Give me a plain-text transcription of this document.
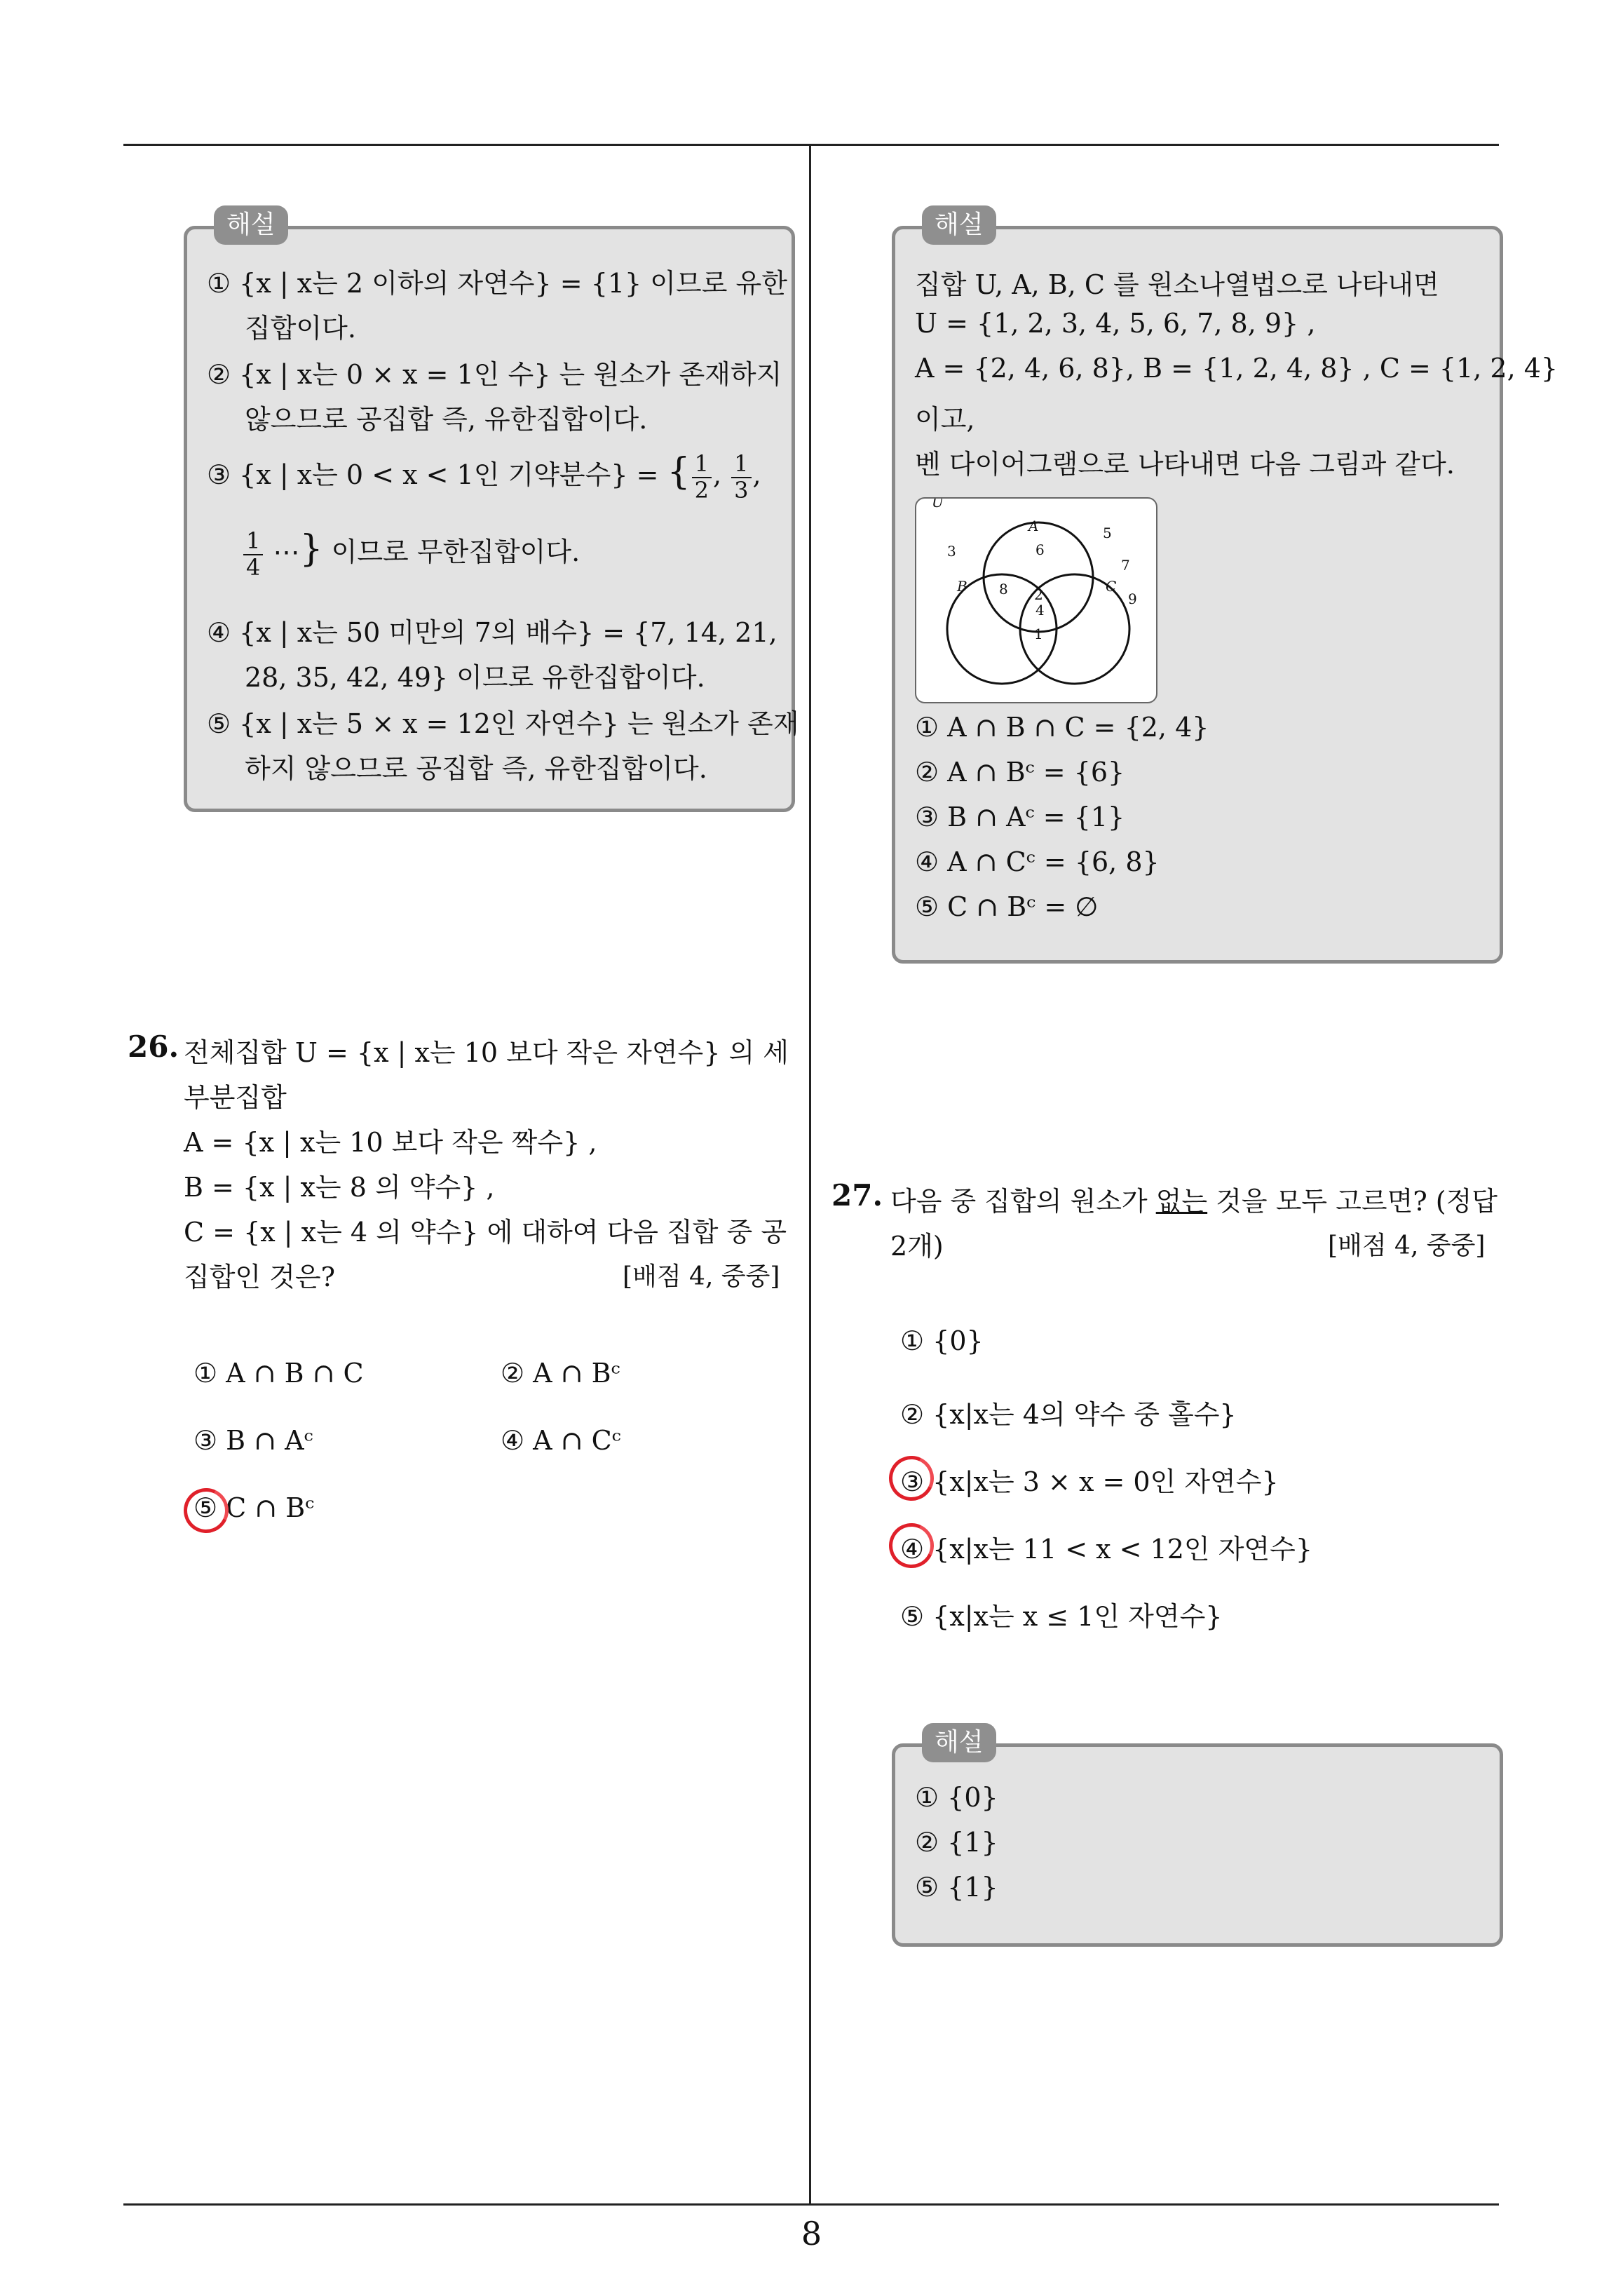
8
해설
① {x | x는 2 이하의 자연수} = {1} 이므로 유한
집합이다.
② {x | x는 0 × x = 1인 수} 는 원소가 존재하지
않으므로 공집합 즉, 유한집합이다.
③ {x | x는 0 < x < 1인 기약분수} = { $\frac{1}{2}$ , $\frac{1}{3}$ ,
$\frac{1}{4}$ ⋯} 이므로 무한집합이다.
④ {x | x는 50 미만의 7의 배수} = {7, 14, 21,
28, 35, 42, 49} 이므로 유한집합이다.
⑤ {x | x는 5 × x = 12인 자연수} 는 원소가 존재
하지 않으므로 공집합 즉, 유한집합이다.
26. 전체집합 U = {x | x는 10 보다 작은 자연수} 의 세
부분집합
A = {x | x는 10 보다 작은 짝수} ,
B = {x | x는 8 의 약수} ,
C = {x | x는 4 의 약수} 에 대하여 다음 집합 중 공
집합인 것은?	[배점 4, 중중]
① A ∩ B ∩ C	② A ∩ Bᶜ
③ B ∩ Aᶜ	④ A ∩ Cᶜ
⑤ C ∩ Bᶜ
해설
집합 U, A, B, C 를 원소나열법으로 나타내면
U = {1, 2, 3, 4, 5, 6, 7, 8, 9} ,
A = {2, 4, 6, 8}, B = {1, 2, 4, 8} , C = {1, 2, 4}
이고,
벤 다이어그램으로 나타내면 다음 그림과 같다.
U
A
B	C
6
8 2
4
1
3
5
7
9
① A ∩ B ∩ C = {2, 4}
② A ∩ Bᶜ = {6}
③ B ∩ Aᶜ = {1}
④ A ∩ Cᶜ = {6, 8}
⑤ C ∩ Bᶜ = ∅
27. 다음 중 집합의 원소가 없는 것을 모두 고르면? (정답
2개)	[배점 4, 중중]
① {0}
② {x|x는 4의 약수 중 홀수}
③ {x|x는 3 × x = 0인 자연수}
④ {x|x는 11 < x < 12인 자연수}
⑤ {x|x는 x ≤ 1인 자연수}
해설
① {0}
② {1}
⑤ {1}
